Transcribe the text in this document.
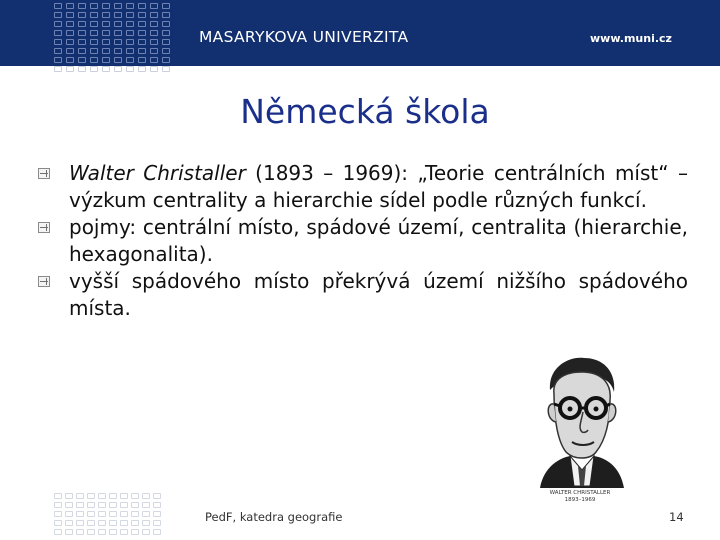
MASARYKOVA UNIVERZITA	www.muni.cz
Německá škola
Walter Christaller (1893 – 1969): „Teorie centrálních míst“ – výzkum centrality a hierarchie sídel podle různých funkcí.
pojmy: centrální místo, spádové území, centralita (hierarchie, hexagonalita).
vyšší spádového místo překrývá území nižšího spádového místa.
WALTER CHRISTALLER
1893–1969
PedF, katedra geografie	14
